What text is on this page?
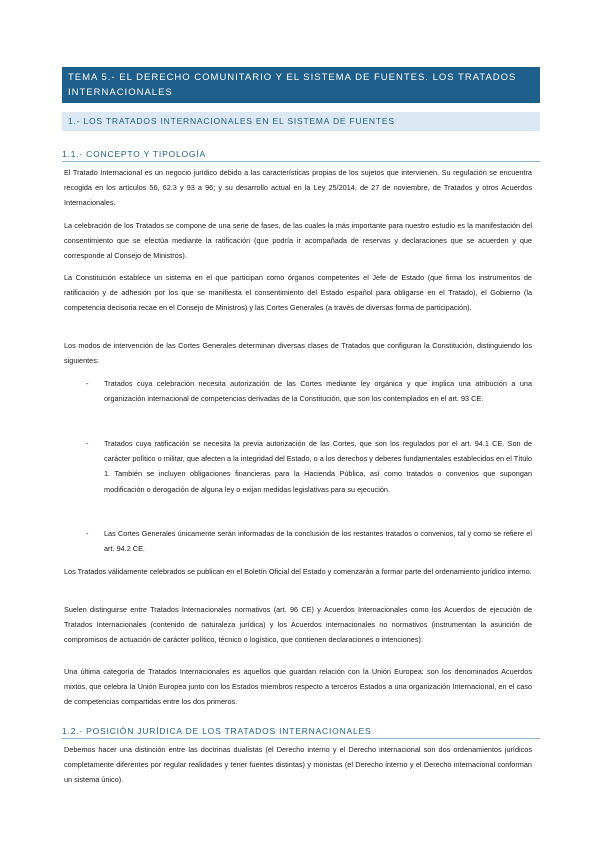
TEMA 5.- EL DERECHO COMUNITARIO Y EL SISTEMA DE FUENTES. LOS TRATADOS INTERNACIONALES
1.- LOS TRATADOS INTERNACIONALES EN EL SISTEMA DE FUENTES
1.1.- CONCEPTO Y TIPOLOGÍA

El Tratado Internacional es un negocio jurídico debido a las características propias de los sujetos que intervienen. Su regulación se encuentra recogida en los artículos 56, 62.3 y 93 a 96; y su desarrollo actual en la Ley 25/2014, de 27 de noviembre, de Tratados y otros Acuerdos Internacionales.

La celebración de los Tratados se compone de una serie de fases, de las cuales la más importante para nuestro estudio es la manifestación del consentimiento que se efectúa mediante la ratificación (que podría ir acompañada de reservas y declaraciones que se acuerden y que corresponde al Consejo de Ministros).

La Constitución establece un sistema en el que participan como órganos competentes el Jefe de Estado (que firma los instrumentos de ratificación y de adhesión por los que se manifiesta el consentimiento del Estado español para obligarse en el Tratado), el Gobierno (la competencia decisoria recae en el Consejo de Ministros) y las Cortes Generales (a través de diversas forma de participación).

Los modos de intervención de las Cortes Generales determinan diversas clases de Tratados que configuran la Constitución, distinguiendo los siguientes:

- Tratados cuya celebración necesita autorización de las Cortes mediante ley orgánica y que implica una atribución a una organización internacional de competencias derivadas de la Constitución, que son los contemplados en el art. 93 CE.

- Tratados cuya ratificación se necesita la previa autorización de las Cortes, que son los regulados por el art. 94.1 CE. Son de carácter político o militar, que afecten a la integridad del Estado, o a los derechos y deberes fundamentales establecidos en el Título 1. También se incluyen obligaciones financieras para la Hacienda Pública, así como tratados o convenios que supongan modificación o derogación de alguna ley o exijan medidas legislativas para su ejecución.

- Las Cortes Generales únicamente serán informadas de la conclusión de los restantes tratados o convenios, tal y como se refiere el art. 94.2 CE.

Los Tratados válidamente celebrados se publican en el Boletín Oficial del Estado y comenzarán a formar parte del ordenamiento jurídico interno.

Suelen distinguirse entre Tratados Internacionales normativos (art. 96 CE) y Acuerdos Internacionales como los Acuerdos de ejecución de Tratados Internacionales (contenido de naturaleza jurídica) y los Acuerdos internacionales no normativos (instrumentan la asunción de compromisos de actuación de carácter político, técnico o logístico, que contienen declaraciones o intenciones).

Una última categoría de Tratados Internacionales es aquellos que guardan relación con la Unión Europea: son los denominados Acuerdos mixtos, que celebra la Unión Europea junto con los Estados miembros respecto a terceros Estados a una organización Internacional, en el caso de competencias compartidas entre los dos primeros.

1.2.- POSICIÓN JURÍDICA DE LOS TRATADOS INTERNACIONALES

Debemos hacer una distinción entre las doctrinas dualistas (el Derecho interno y el Derecho internacional son dos ordenamientos jurídicos completamente diferentes por regular realidades y tener fuentes distintas) y monistas (el Derecho interno y el Derecho internacional conforman un sistema único).
